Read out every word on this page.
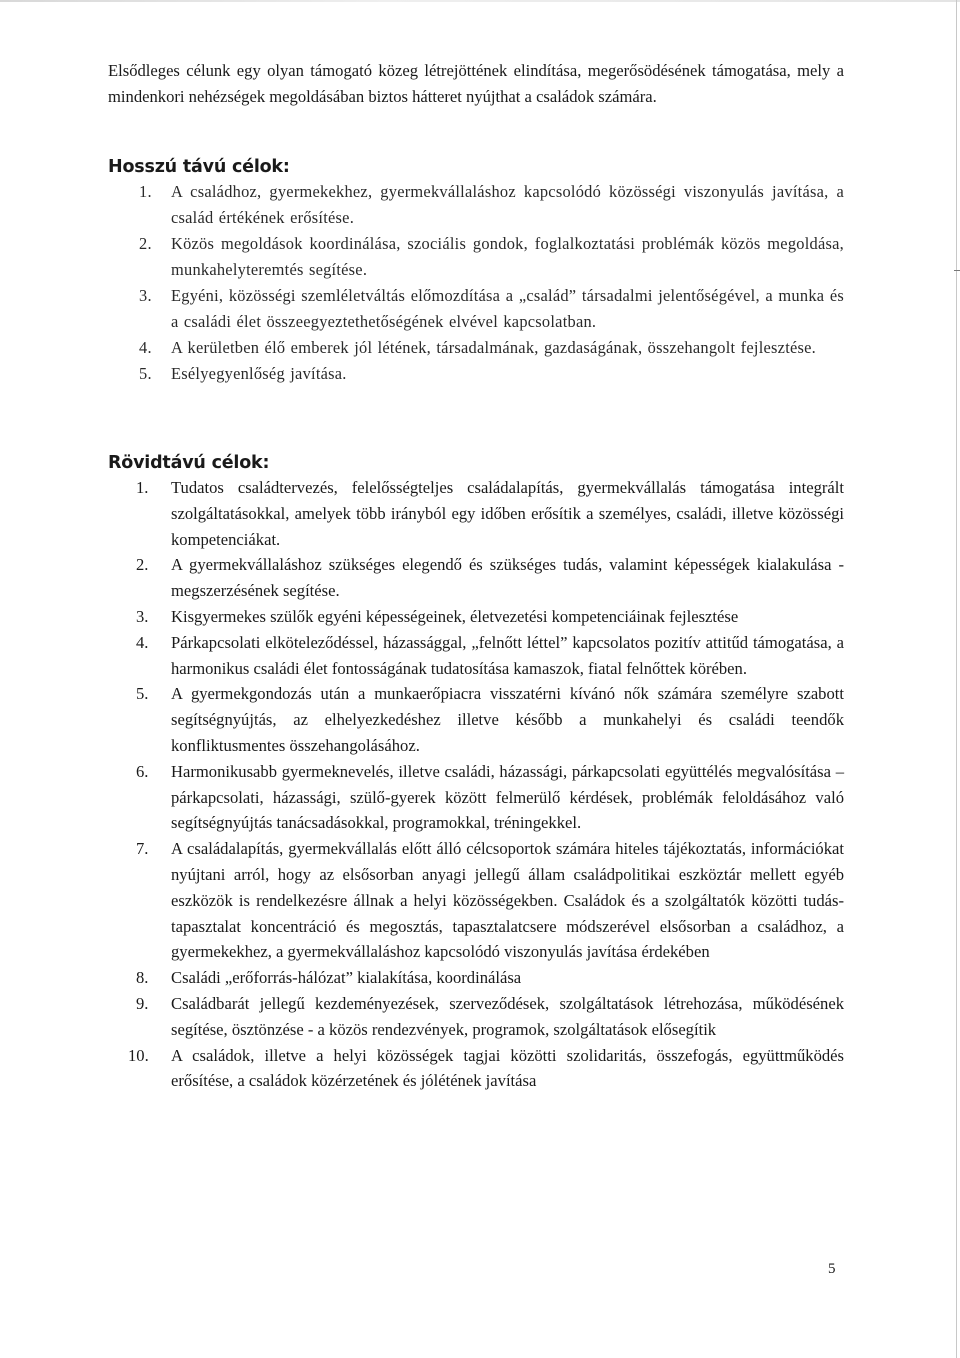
Elsődleges célunk egy olyan támogató közeg létrejöttének elindítása, megerősödésének támogatása, mely a mindenkori nehézségek megoldásában biztos hátteret nyújthat a családok számára.

Hosszú távú célok:
1. A családhoz, gyermekekhez, gyermekvállaláshoz kapcsolódó közösségi viszonyulás javítása, a család értékének erősítése.
2. Közös megoldások koordinálása, szociális gondok, foglalkoztatási problémák közös megoldása, munkahelyteremtés segítése.
3. Egyéni, közösségi szemléletváltás előmozdítása a „család” társadalmi jelentőségével, a munka és a családi élet összeegyeztethetőségének elvével kapcsolatban.
4. A kerületben élő emberek jól létének, társadalmának, gazdaságának, összehangolt fejlesztése.
5. Esélyegyenlőség javítása.
Rövidtávú célok:
1. Tudatos családtervezés, felelősségteljes családalapítás, gyermekvállalás támogatása integrált szolgáltatásokkal, amelyek több irányból egy időben erősítik a személyes, családi, illetve közösségi kompetenciákat.
2. A gyermekvállaláshoz szükséges elegendő és szükséges tudás, valamint képességek kialakulása - megszerzésének segítése.
3. Kisgyermekes szülők egyéni képességeinek, életvezetési kompetenciáinak fejlesztése
4. Párkapcsolati elköteleződéssel, házassággal, „felnőtt léttel” kapcsolatos pozitív attitűd támogatása, a harmonikus családi élet fontosságának tudatosítása kamaszok, fiatal felnőttek körében.
5. A gyermekgondozás után a munkaerőpiacra visszatérni kívánó nők számára személyre szabott segítségnyújtás, az elhelyezkedéshez illetve később a munkahelyi és családi teendők konfliktusmentes összehangolásához.
6. Harmonikusabb gyermeknevelés, illetve családi, házassági, párkapcsolati együttélés megvalósítása – párkapcsolati, házassági, szülő-gyerek között felmerülő kérdések, problémák feloldásához való segítségnyújtás tanácsadásokkal, programokkal, tréningekkel.
7. A családalapítás, gyermekvállalás előtt álló célcsoportok számára hiteles tájékoztatás, információkat nyújtani arról, hogy az elsősorban anyagi jellegű állam családpolitikai eszköztár mellett egyéb eszközök is rendelkezésre állnak a helyi közösségekben. Családok és a szolgáltatók közötti tudás-tapasztalat koncentráció és megosztás, tapasztalatcsere módszerével elsősorban a családhoz, a gyermekekhez, a gyermekvállaláshoz kapcsolódó viszonyulás javítása érdekében
8. Családi „erőforrás-hálózat” kialakítása, koordinálása
9. Családbarát jellegű kezdeményezések, szerveződések, szolgáltatások létrehozása, működésének segítése, ösztönzése - a közös rendezvények, programok, szolgáltatások elősegítik
10. A családok, illetve a helyi közösségek tagjai közötti szolidaritás, összefogás, együttműködés erősítése, a családok közérzetének és jólétének javítása
5
